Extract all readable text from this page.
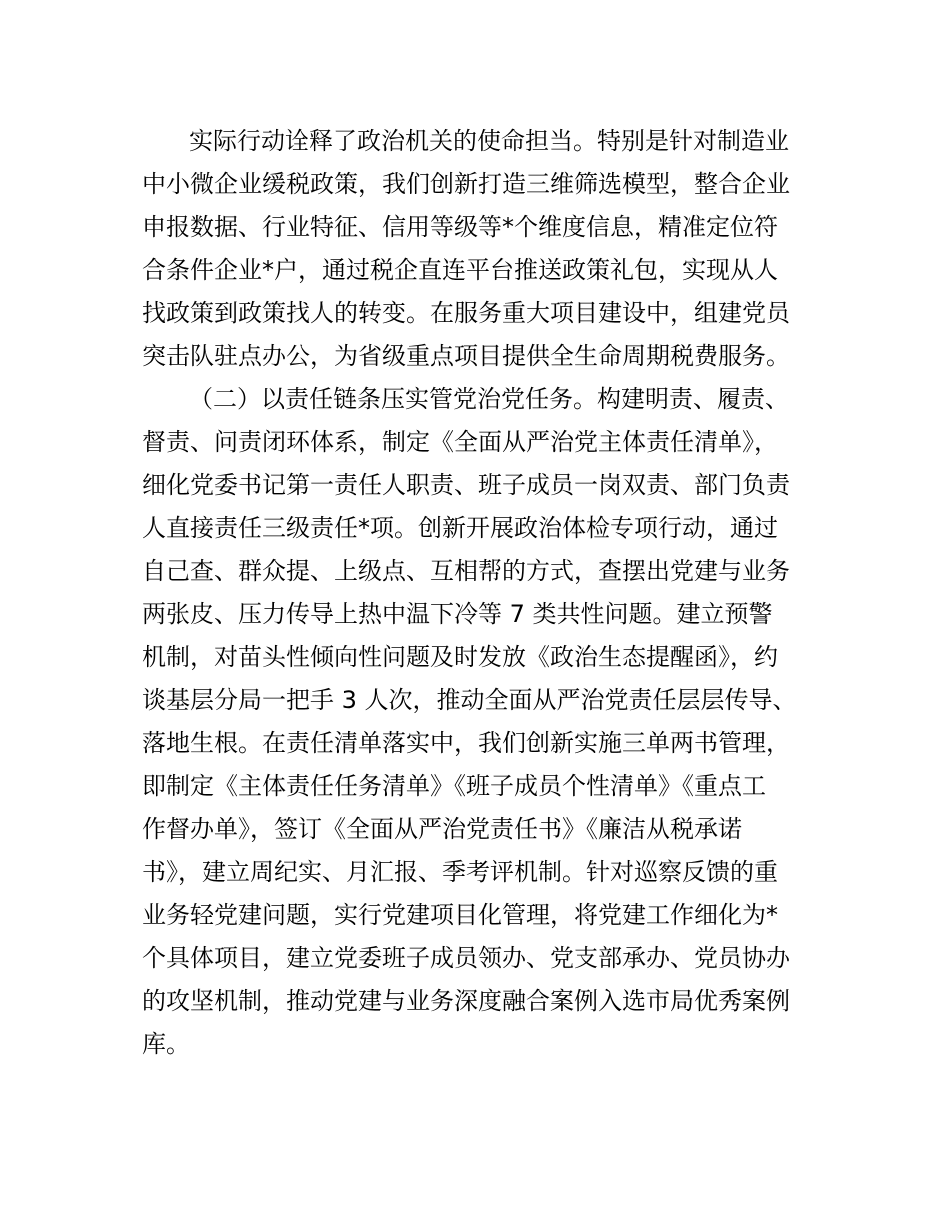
实际行动诠释了政治机关的使命担当。特别是针对制造业
中小微企业缓税政策，我们创新打造三维筛选模型，整合企业
申报数据、行业特征、信用等级等*个维度信息，精准定位符
合条件企业*户，通过税企直连平台推送政策礼包，实现从人
找政策到政策找人的转变。在服务重大项目建设中，组建党员
突击队驻点办公，为省级重点项目提供全生命周期税费服务。
（二）以责任链条压实管党治党任务。构建明责、履责、
督责、问责闭环体系，制定《全面从严治党主体责任清单》，
细化党委书记第一责任人职责、班子成员一岗双责、部门负责
人直接责任三级责任*项。创新开展政治体检专项行动，通过
自己查、群众提、上级点、互相帮的方式，查摆出党建与业务
两张皮、压力传导上热中温下冷等 7 类共性问题。建立预警
机制，对苗头性倾向性问题及时发放《政治生态提醒函》，约
谈基层分局一把手 3 人次，推动全面从严治党责任层层传导、
落地生根。在责任清单落实中，我们创新实施三单两书管理，
即制定《主体责任任务清单》《班子成员个性清单》《重点工
作督办单》，签订《全面从严治党责任书》《廉洁从税承诺
书》，建立周纪实、月汇报、季考评机制。针对巡察反馈的重
业务轻党建问题，实行党建项目化管理，将党建工作细化为*
个具体项目，建立党委班子成员领办、党支部承办、党员协办
的攻坚机制，推动党建与业务深度融合案例入选市局优秀案例
库。
